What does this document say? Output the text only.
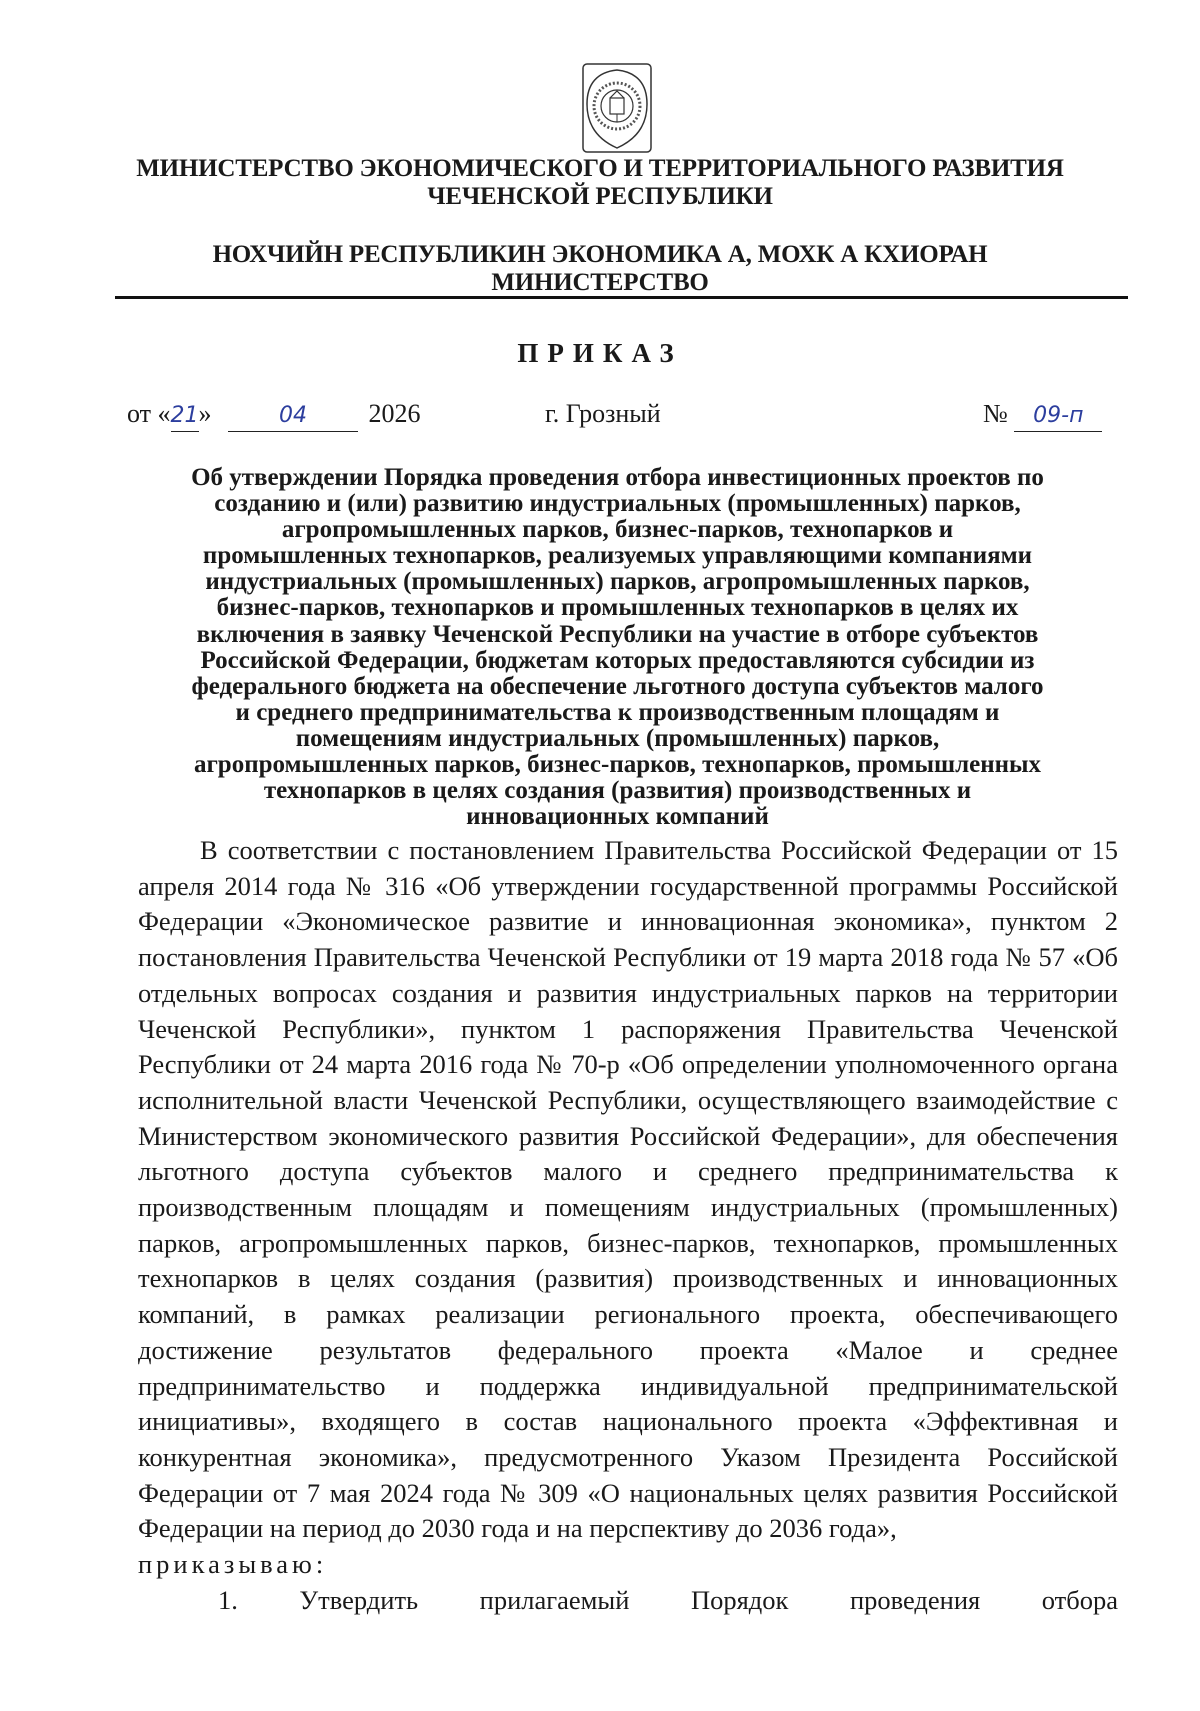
МИНИСТЕРСТВО ЭКОНОМИЧЕСКОГО И ТЕРРИТОРИАЛЬНОГО РАЗВИТИЯ
ЧЕЧЕНСКОЙ РЕСПУБЛИКИ
НОХЧИЙН РЕСПУБЛИКИН ЭКОНОМИКА А, МОХК А КХИОРАН
МИНИСТЕРСТВО
ПРИКАЗ
от «21»	04 2026	г. Грозный	№ 09-п
Об утверждении Порядка проведения отбора инвестиционных проектов по
созданию и (или) развитию индустриальных (промышленных) парков,
агропромышленных парков, бизнес-парков, технопарков и
промышленных технопарков, реализуемых управляющими компаниями
индустриальных (промышленных) парков, агропромышленных парков,
бизнес-парков, технопарков и промышленных технопарков в целях их
включения в заявку Чеченской Республики на участие в отборе субъектов
Российской Федерации, бюджетам которых предоставляются субсидии из
федерального бюджета на обеспечение льготного доступа субъектов малого
и среднего предпринимательства к производственным площадям и
помещениям индустриальных (промышленных) парков,
агропромышленных парков, бизнес-парков, технопарков, промышленных
технопарков в целях создания (развития) производственных и
инновационных компаний

В соответствии с постановлением Правительства Российской Федерации от 15 апреля 2014 года № 316 «Об утверждении государственной программы Российской Федерации «Экономическое развитие и инновационная экономика», пунктом 2 постановления Правительства Чеченской Республики от 19 марта 2018 года № 57 «Об отдельных вопросах создания и развития индустриальных парков на территории Чеченской Республики», пунктом 1 распоряжения Правительства Чеченской Республики от 24 марта 2016 года № 70-р «Об определении уполномоченного органа исполнительной власти Чеченской Республики, осуществляющего взаимодействие с Министерством экономического развития Российской Федерации», для обеспечения льготного доступа субъектов малого и среднего предпринимательства к производственным площадям и помещениям индустриальных (промышленных) парков, агропромышленных парков, бизнес-парков, технопарков, промышленных технопарков в целях создания (развития) производственных и инновационных компаний, в рамках реализации регионального проекта, обеспечивающего достижение результатов федерального проекта «Малое и среднее предпринимательство и поддержка индивидуальной предпринимательской инициативы», входящего в состав национального проекта «Эффективная и конкурентная экономика», предусмотренного Указом Президента Российской Федерации от 7 мая 2024 года № 309 «О национальных целях развития Российской Федерации на период до 2030 года и на перспективу до 2036 года»,

приказываю:

1. Утвердить прилагаемый Порядок проведения отбора
